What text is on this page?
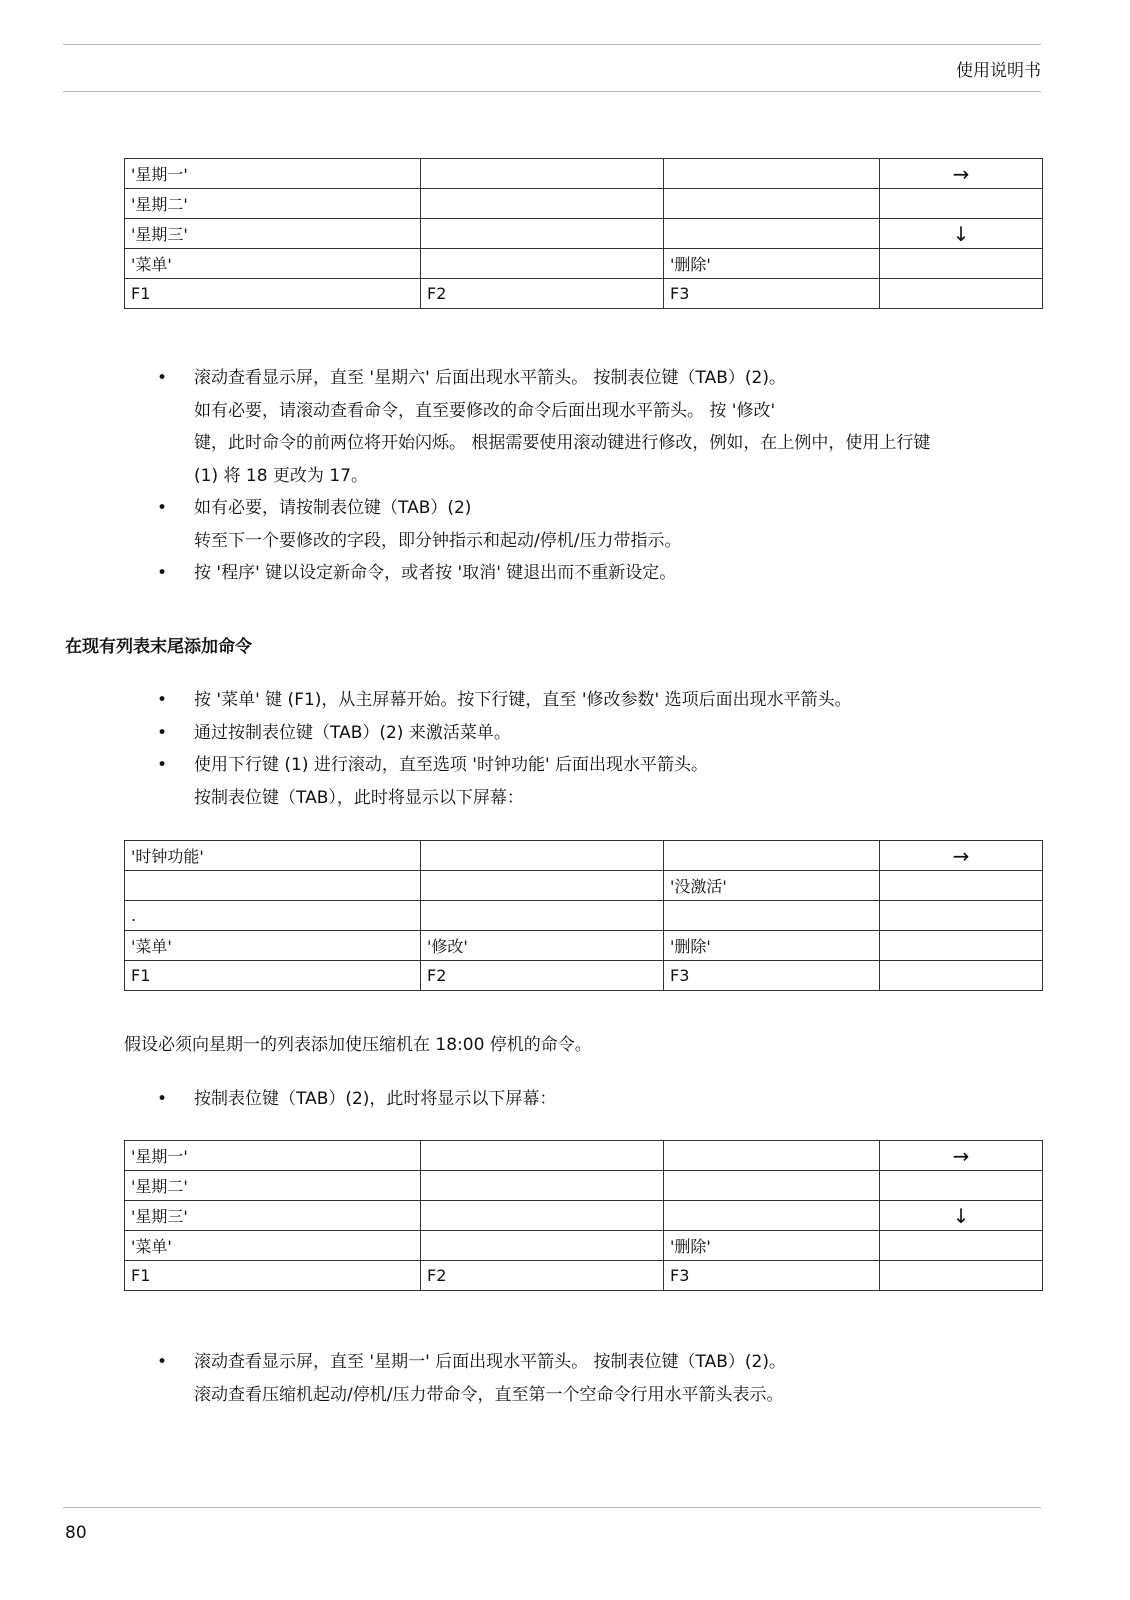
使用说明书
'星期一'			→
'星期二'			
'星期三'			↓
'菜单'		'删除'	
F1	F2	F3	
• 滚动查看显示屏，直至 '星期六' 后面出现水平箭头。 按制表位键（TAB）(2)。
如有必要，请滚动查看命令，直至要修改的命令后面出现水平箭头。 按 '修改'
键，此时命令的前两位将开始闪烁。 根据需要使用滚动键进行修改，例如，在上例中，使用上行键
(1) 将 18 更改为 17。
• 如有必要，请按制表位键（TAB）(2)
转至下一个要修改的字段，即分钟指示和起动/停机/压力带指示。
• 按 '程序' 键以设定新命令，或者按 '取消' 键退出而不重新设定。
在现有列表末尾添加命令
• 按 '菜单' 键 (F1)，从主屏幕开始。按下行键，直至 '修改参数' 选项后面出现水平箭头。
• 通过按制表位键（TAB）(2) 来激活菜单。
• 使用下行键 (1) 进行滚动，直至选项 '时钟功能' 后面出现水平箭头。
按制表位键（TAB），此时将显示以下屏幕：
'时钟功能'			→
		'没激活'	
.			
'菜单'	'修改'	'删除'	
F1	F2	F3	
假设必须向星期一的列表添加使压缩机在 18:00 停机的命令。
• 按制表位键（TAB）(2)，此时将显示以下屏幕：
'星期一'			→
'星期二'			
'星期三'			↓
'菜单'		'删除'	
F1	F2	F3	
• 滚动查看显示屏，直至 '星期一' 后面出现水平箭头。 按制表位键（TAB）(2)。
滚动查看压缩机起动/停机/压力带命令，直至第一个空命令行用水平箭头表示。
80
